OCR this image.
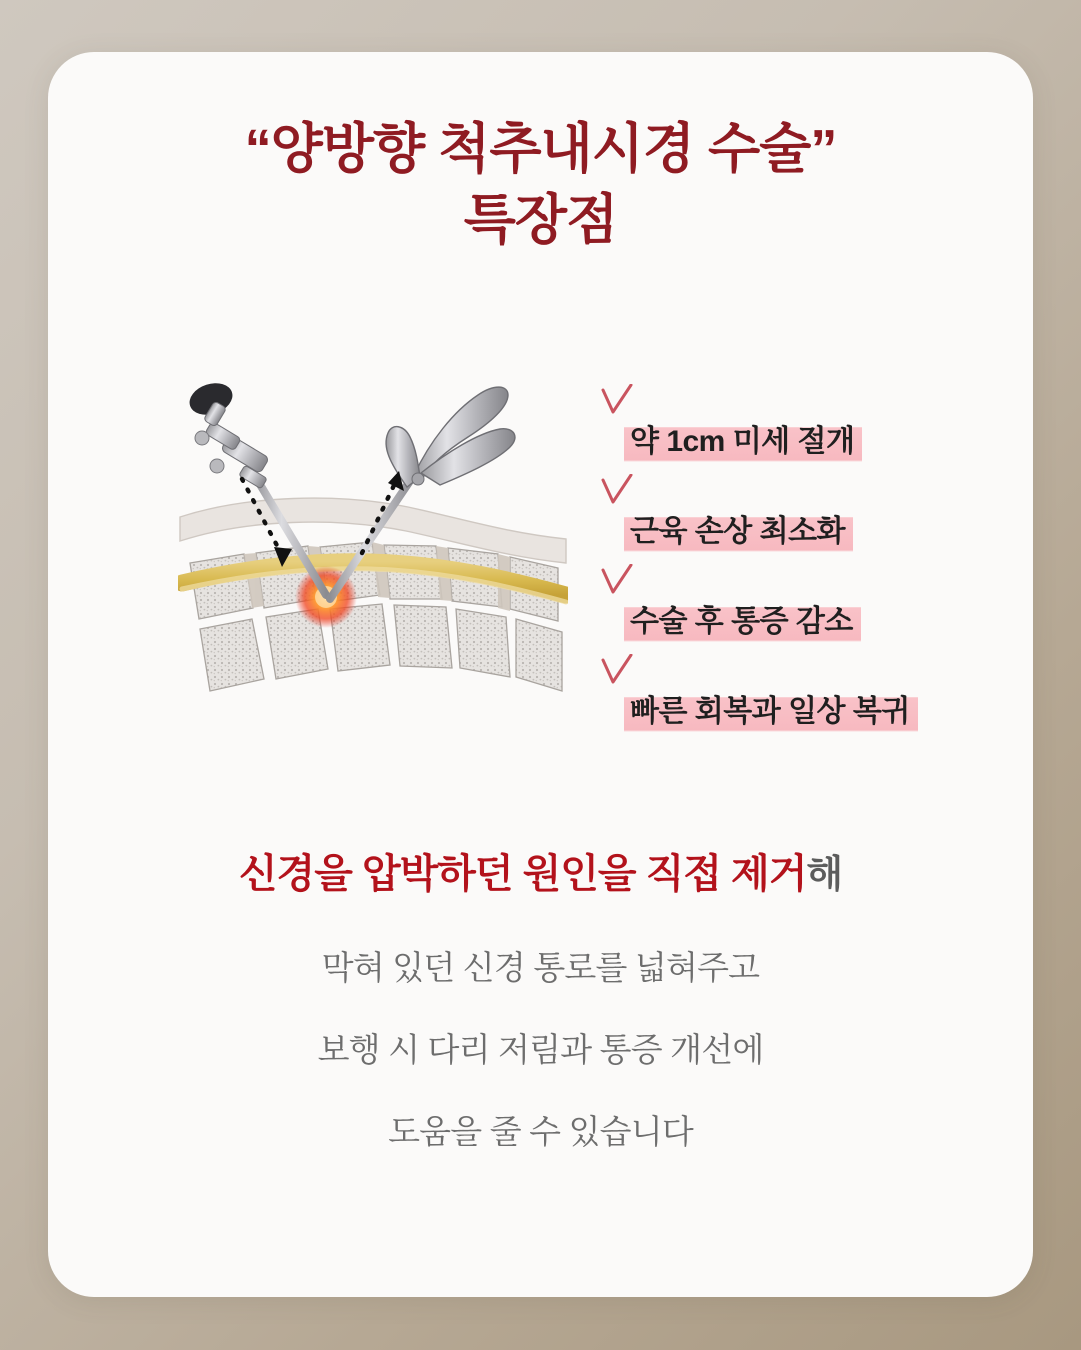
“양방향 척추내시경 수술”
특장점
약 1cm 미세 절개
근육 손상 최소화
수술 후 통증 감소
빠른 회복과 일상 복귀
신경을 압박하던 원인을 직접 제거해
막혀 있던 신경 통로를 넓혀주고
보행 시 다리 저림과 통증 개선에
도움을 줄 수 있습니다
